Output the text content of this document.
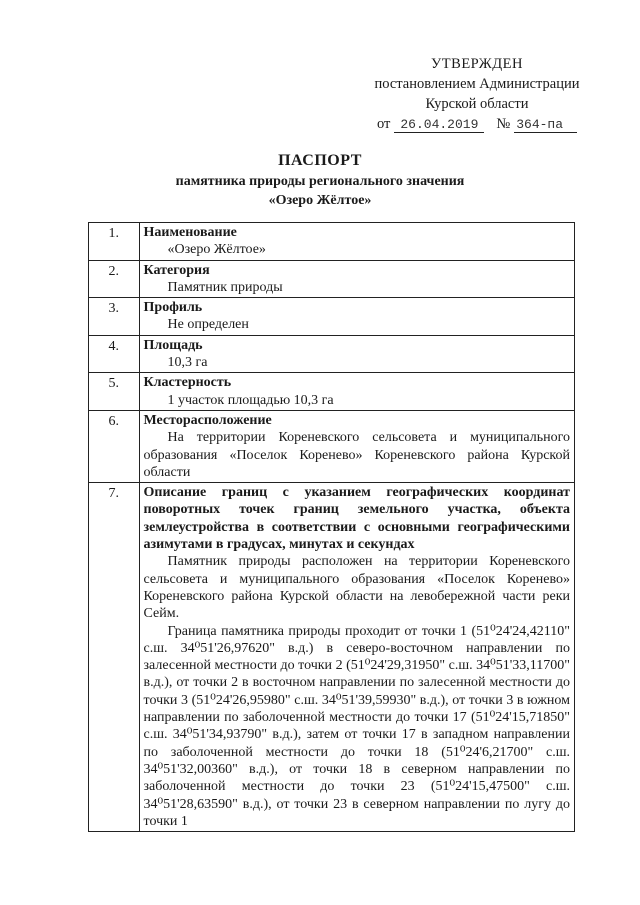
УТВЕРЖДЕН
постановлением Администрации
Курской области
от 26.04.2019	№ 364-па
ПАСПОРТ
памятника природы регионального значения
«Озеро Жёлтое»
1.	Наименование
«Озеро Жёлтое»

2.	Категория
Памятник природы

3.	Профиль
Не определен

4.	Площадь
10,3 га

5.	Кластерность
1 участок площадью 10,3 га

6.	Месторасположение

На территории Кореневского сельсовета и муниципального образования «Поселок Коренево» Кореневского района Курской области

7.	Описание границ с указанием географических координат поворотных точек границ земельного участка, объекта землеустройства в соответствии с основными географическими азимутами в градусах, минутах и секундах

Памятник природы расположен на территории Кореневского сельсовета и муниципального образования «Поселок Коренево» Кореневского района Курской области на левобережной части реки Сейм.

Граница памятника природы проходит от точки 1 (51⁰24'24,42110" с.ш. 34⁰51'26,97620" в.д.) в северо-восточном направлении по залесенной местности до точки 2 (51⁰24'29,31950" с.ш. 34⁰51'33,11700" в.д.), от точки 2 в восточном направлении по залесенной местности до точки 3 (51⁰24'26,95980" с.ш. 34⁰51'39,59930" в.д.), от точки 3 в южном направлении по заболоченной местности до точки 17 (51⁰24'15,71850" с.ш. 34⁰51'34,93790" в.д.), затем от точки 17 в западном направлении по заболоченной местности до точки 18 (51⁰24'6,21700" с.ш. 34⁰51'32,00360" в.д.), от точки 18 в северном направлении по заболоченной местности до точки 23 (51⁰24'15,47500" с.ш. 34⁰51'28,63590" в.д.), от точки 23 в северном направлении по лугу до точки 1
